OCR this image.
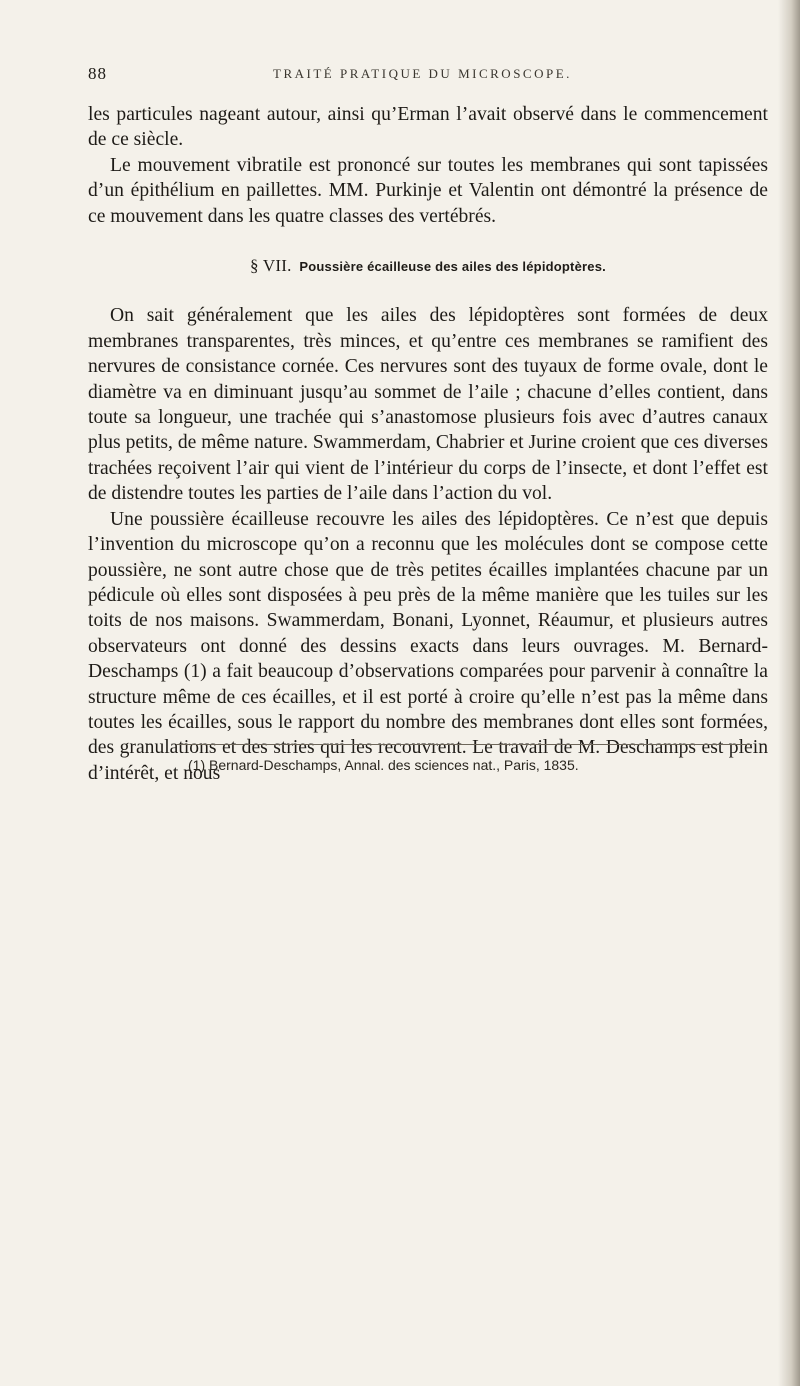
88	TRAITÉ PRATIQUE DU MICROSCOPE.

les particules nageant autour, ainsi qu’Erman l’avait observé dans le commencement de ce siècle.

Le mouvement vibratile est prononcé sur toutes les membranes qui sont tapissées d’un épithélium en paillettes. MM. Purkinje et Valentin ont démontré la présence de ce mouvement dans les quatre classes des vertébrés.

§ VII. Poussière écailleuse des ailes des lépidoptères.

On sait généralement que les ailes des lépidoptères sont formées de deux membranes transparentes, très minces, et qu’entre ces membranes se ramifient des nervures de consistance cornée. Ces nervures sont des tuyaux de forme ovale, dont le diamètre va en diminuant jusqu’au sommet de l’aile ; chacune d’elles contient, dans toute sa longueur, une trachée qui s’anastomose plusieurs fois avec d’autres canaux plus petits, de même nature. Swammerdam, Chabrier et Jurine croient que ces diverses trachées reçoivent l’air qui vient de l’intérieur du corps de l’insecte, et dont l’effet est de distendre toutes les parties de l’aile dans l’action du vol.

Une poussière écailleuse recouvre les ailes des lépidoptères. Ce n’est que depuis l’invention du microscope qu’on a reconnu que les molécules dont se compose cette poussière, ne sont autre chose que de très petites écailles implantées chacune par un pédicule où elles sont disposées à peu près de la même manière que les tuiles sur les toits de nos maisons. Swammerdam, Bonani, Lyonnet, Réaumur, et plusieurs autres observateurs ont donné des dessins exacts dans leurs ouvrages. M. Bernard-Deschamps (1) a fait beaucoup d’observations comparées pour parvenir à connaître la structure même de ces écailles, et il est porté à croire qu’elle n’est pas la même dans toutes les écailles, sous le rapport du nombre des membranes dont elles sont formées, des granulations et des stries qui les recouvrent. Le travail de M. Deschamps est plein d’intérêt, et nous

(1) Bernard-Deschamps, Annal. des sciences nat., Paris, 1835.
